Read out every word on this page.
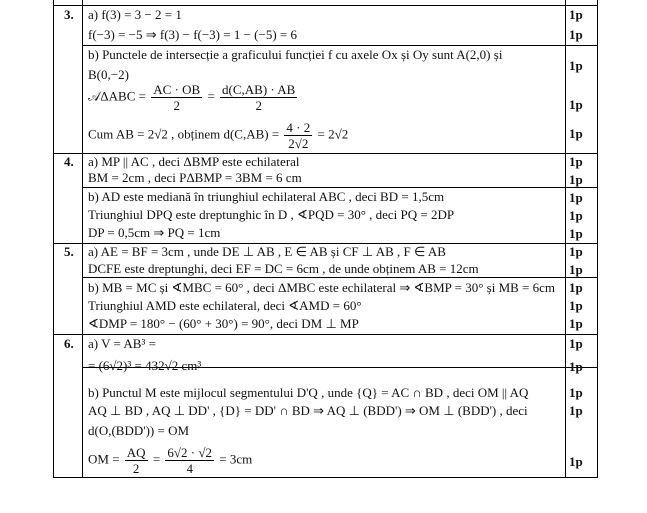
3. a) f(3) = 3 − 2 = 1
f(−3) = −5 ⇒ f(3) − f(−3) = 1 − (−5) = 6
b) Punctele de intersecție a graficului funcției f cu axele Ox și Oy sunt A(2,0) și
B(0,−2)
𝒜ΔABC = $\frac{AC \cdot OB}{2} = \frac{d(C,AB) \cdot AB}{2}$
Cum AB = 2√2 , obținem $d(C,AB) = \frac{4 \cdot 2}{2√2} = 2√2$
1p
1p
1p
1p
1p
4. a) MP || AC , deci ΔBMP este echilateral
BM = 2cm , deci PΔBMP = 3BM = 6 cm
b) AD este mediană în triunghiul echilateral ABC , deci BD = 1,5cm
Triunghiul DPQ este dreptunghic în D , ∢PQD = 30° , deci PQ = 2DP
DP = 0,5cm ⇒ PQ = 1cm
1p
1p
1p
1p
1p
5. a) AE = BF = 3cm , unde DE ⊥ AB , E ∈ AB și CF ⊥ AB , F ∈ AB
DCFE este dreptunghi, deci EF = DC = 6cm , de unde obținem AB = 12cm
b) MB = MC și ∢MBC = 60° , deci ΔMBC este echilateral ⇒ ∢BMP = 30° și MB = 6cm
Triunghiul AMD este echilateral, deci ∢AMD = 60°
∢DMP = 180° − (60° + 30°) = 90°, deci DM ⊥ MP
1p
1p
1p
1p
1p
6. a) V = AB³ =
= (6√2)³ = 432√2 cm³
b) Punctul M este mijlocul segmentului D'Q , unde {Q} = AC ∩ BD , deci OM || AQ
AQ ⊥ BD , AQ ⊥ DD' , {D} = DD' ∩ BD ⇒ AQ ⊥ (BDD') ⇒ OM ⊥ (BDD') , deci
d(O,(BDD')) = OM
OM = $\frac{AQ}{2} = \frac{6√2 \cdot √2}{4} = 3cm$
1p
1p
1p
1p
1p
